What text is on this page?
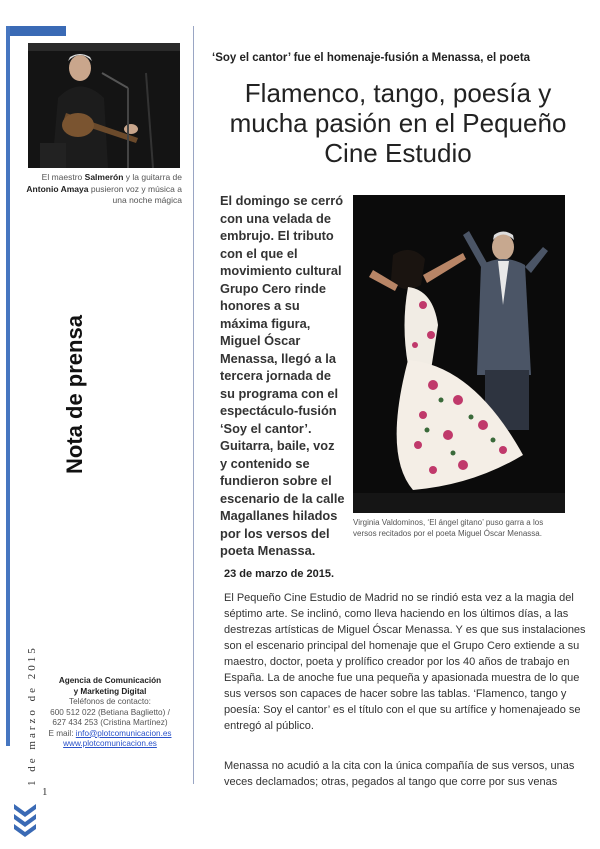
El maestro Salmerón y la guitarra de Antonio Amaya pusieron voz y música a una noche mágica
Nota de prensa
Agencia de Comunicación
y Marketing Digital
Teléfonos de contacto:
600 512 022 (Betiana Baglietto) /
627 434 253 (Cristina Martínez)
E mail: info@plotcomunicacion.es
www.plotcomunicacion.es
1 de marzo de 2015
1
‘Soy el cantor’ fue el homenaje-fusión a Menassa, el poeta
Flamenco, tango, poesía y mucha pasión en el Pequeño Cine Estudio
El domingo se cerró con una velada de embrujo. El tributo con el que el movimiento cultural Grupo Cero rinde honores a su máxima figura, Miguel Óscar Menassa, llegó a la tercera jornada de su programa con el espectáculo-fusión ‘Soy el cantor’. Guitarra, baile, voz y contenido se fundieron sobre el escenario de la calle Magallanes hilados por los versos del poeta Menassa.
Virginia Valdominos, ‘El ángel gitano’ puso garra a los versos recitados por el poeta Miguel Óscar Menassa.
23 de marzo de 2015.
El Pequeño Cine Estudio de Madrid no se rindió esta vez a la magia del séptimo arte. Se inclinó, como lleva haciendo en los últimos días, a las destrezas artísticas de Miguel Óscar Menassa. Y es que sus instalaciones son el escenario principal del homenaje que el Grupo Cero extiende a su maestro, doctor, poeta y prolífico creador por los 40 años de trabajo en España. La de anoche fue una pequeña y apasionada muestra de lo que sus versos son capaces de hacer sobre las tablas. ‘Flamenco, tango y poesía: Soy el cantor’ es el título con el que su artífice y homenajeado se entregó al público.
Menassa no acudió a la cita con la única compañía de sus versos, unas veces declamados; otras, pegados al tango que corre por sus venas
